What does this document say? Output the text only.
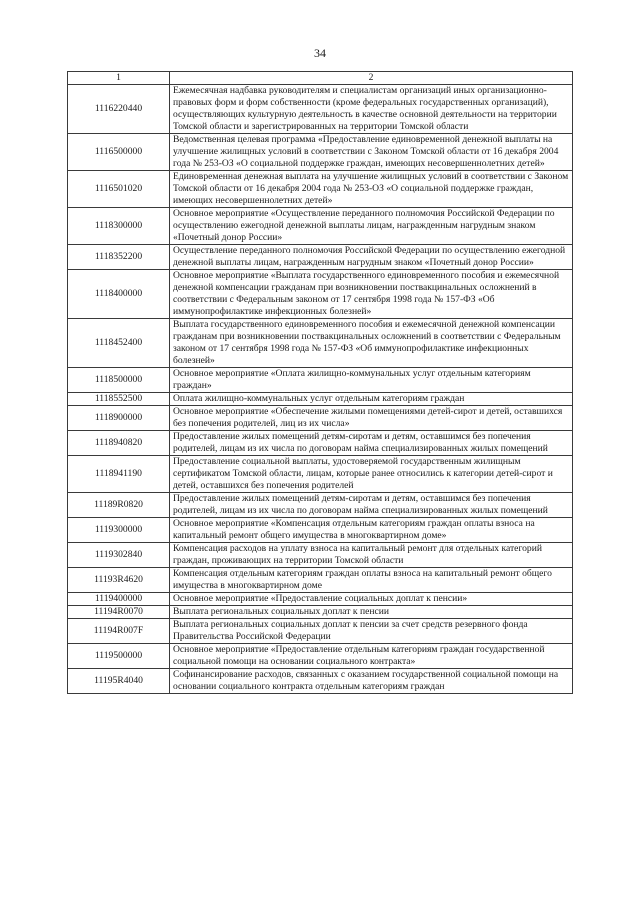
34
1	2
1116220440	Ежемесячная надбавка руководителям и специалистам организаций иных организационно-правовых форм и форм собственности (кроме федеральных государственных организаций), осуществляющих культурную деятельность в качестве основной деятельности на территории Томской области и зарегистрированных на территории Томской области
1116500000	Ведомственная целевая программа «Предоставление единовременной денежной выплаты на улучшение жилищных условий в соответствии с Законом Томской области от 16 декабря 2004 года № 253-ОЗ «О социальной поддержке граждан, имеющих несовершеннолетних детей»
1116501020	Единовременная денежная выплата на улучшение жилищных условий в соответствии с Законом Томской области от 16 декабря 2004 года № 253-ОЗ «О социальной поддержке граждан, имеющих несовершеннолетних детей»
1118300000	Основное мероприятие «Осуществление переданного полномочия Российской Федерации по осуществлению ежегодной денежной выплаты лицам, награжденным нагрудным знаком «Почетный донор России»
1118352200	Осуществление переданного полномочия Российской Федерации по осуществлению ежегодной денежной выплаты лицам, награжденным нагрудным знаком «Почетный донор России»
1118400000	Основное мероприятие «Выплата государственного единовременного пособия и ежемесячной денежной компенсации гражданам при возникновении поствакцинальных осложнений в соответствии с Федеральным законом от 17 сентября 1998 года № 157-ФЗ «Об иммунопрофилактике инфекционных болезней»
1118452400	Выплата государственного единовременного пособия и ежемесячной денежной компенсации гражданам при возникновении поствакцинальных осложнений в соответствии с Федеральным законом от 17 сентября 1998 года № 157-ФЗ «Об иммунопрофилактике инфекционных болезней»
1118500000	Основное мероприятие «Оплата жилищно-коммунальных услуг отдельным категориям граждан»
1118552500	Оплата жилищно-коммунальных услуг отдельным категориям граждан
1118900000	Основное мероприятие «Обеспечение жилыми помещениями детей-сирот и детей, оставшихся без попечения родителей, лиц из их числа»
1118940820	Предоставление жилых помещений детям-сиротам и детям, оставшимся без попечения родителей, лицам из их числа по договорам найма специализированных жилых помещений
1118941190	Предоставление социальной выплаты, удостоверяемой государственным жилищным сертификатом Томской области, лицам, которые ранее относились к категории детей-сирот и детей, оставшихся без попечения родителей
11189R0820	Предоставление жилых помещений детям-сиротам и детям, оставшимся без попечения родителей, лицам из их числа по договорам найма специализированных жилых помещений
1119300000	Основное мероприятие «Компенсация отдельным категориям граждан оплаты взноса на капитальный ремонт общего имущества в многоквартирном доме»
1119302840	Компенсация расходов на уплату взноса на капитальный ремонт для отдельных категорий граждан, проживающих на территории Томской области
11193R4620	Компенсация отдельным категориям граждан оплаты взноса на капитальный ремонт общего имущества в многоквартирном доме
1119400000	Основное мероприятие «Предоставление социальных доплат к пенсии»
11194R0070	Выплата региональных социальных доплат к пенсии
11194R007F	Выплата региональных социальных доплат к пенсии за счет средств резервного фонда Правительства Российской Федерации
1119500000	Основное мероприятие «Предоставление отдельным категориям граждан государственной социальной помощи на основании социального контракта»
11195R4040	Софинансирование расходов, связанных с оказанием государственной социальной помощи на основании социального контракта отдельным категориям граждан
